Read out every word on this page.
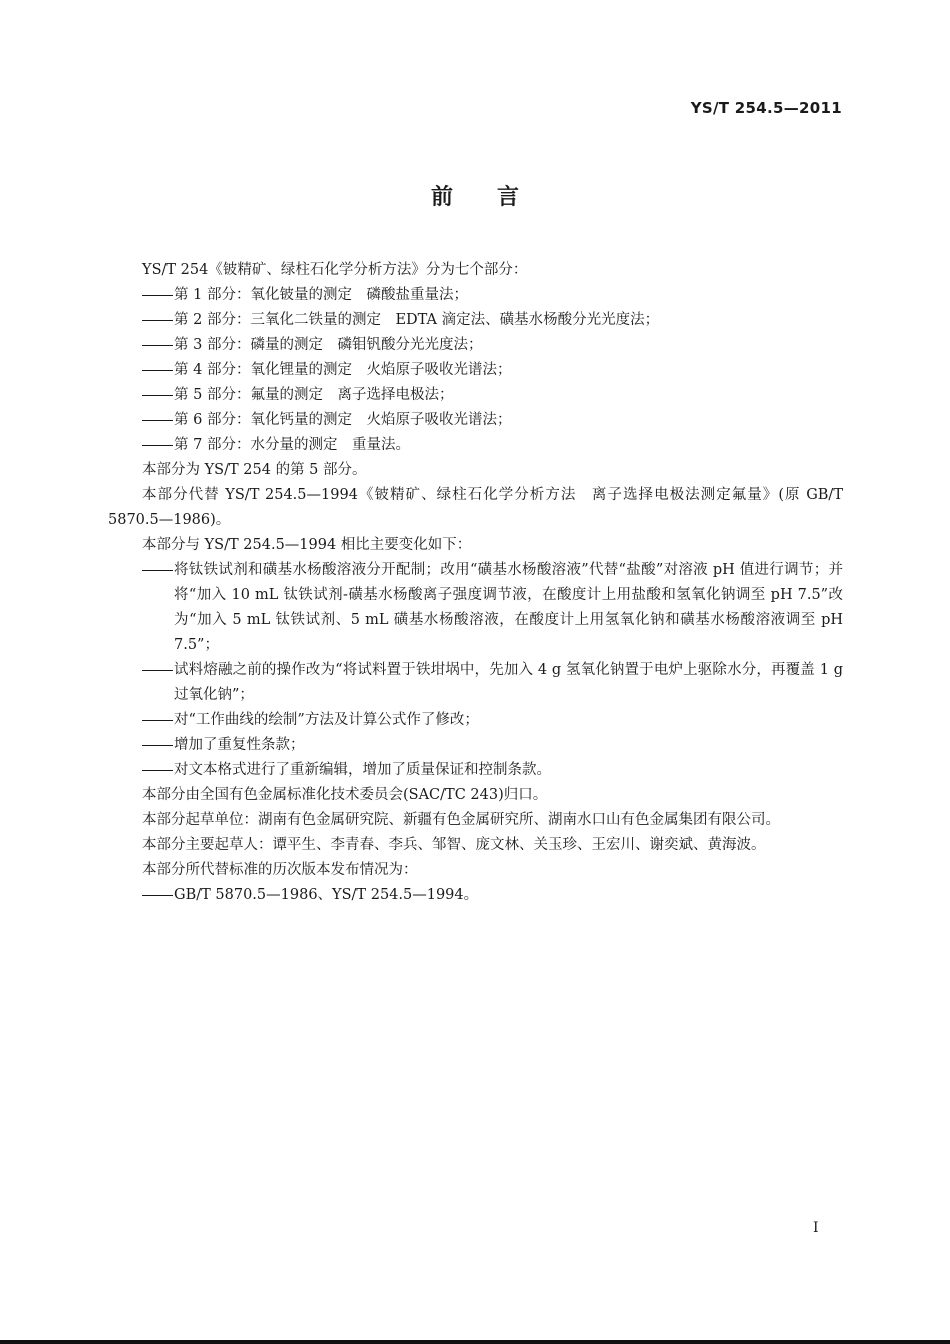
YS/T 254.5—2011
前言
YS/T 254《铍精矿、绿柱石化学分析方法》分为七个部分：
第 1 部分：氧化铍量的测定　磷酸盐重量法；
第 2 部分：三氧化二铁量的测定　EDTA 滴定法、磺基水杨酸分光光度法；
第 3 部分：磷量的测定　磷钼钒酸分光光度法；
第 4 部分：氧化锂量的测定　火焰原子吸收光谱法；
第 5 部分：氟量的测定　离子选择电极法；
第 6 部分：氧化钙量的测定　火焰原子吸收光谱法；
第 7 部分：水分量的测定　重量法。
本部分为 YS/T 254 的第 5 部分。
本部分代替 YS/T 254.5—1994《铍精矿、绿柱石化学分析方法　离子选择电极法测定氟量》(原 GB/T 5870.5—1986)。
本部分与 YS/T 254.5—1994 相比主要变化如下：
将钛铁试剂和磺基水杨酸溶液分开配制；改用“磺基水杨酸溶液”代替“盐酸”对溶液 pH 值进行调节；并将“加入 10 mL 钛铁试剂-磺基水杨酸离子强度调节液，在酸度计上用盐酸和氢氧化钠调至 pH 7.5”改为“加入 5 mL 钛铁试剂、5 mL 磺基水杨酸溶液，在酸度计上用氢氧化钠和磺基水杨酸溶液调至 pH 7.5”；
试料熔融之前的操作改为“将试料置于铁坩埚中，先加入 4 g 氢氧化钠置于电炉上驱除水分，再覆盖 1 g 过氧化钠”；
对“工作曲线的绘制”方法及计算公式作了修改；
增加了重复性条款；
对文本格式进行了重新编辑，增加了质量保证和控制条款。
本部分由全国有色金属标准化技术委员会(SAC/TC 243)归口。
本部分起草单位：湖南有色金属研究院、新疆有色金属研究所、湖南水口山有色金属集团有限公司。
本部分主要起草人：谭平生、李青春、李兵、邹智、庞文林、关玉珍、王宏川、谢奕斌、黄海波。
本部分所代替标准的历次版本发布情况为：
GB/T 5870.5—1986、YS/T 254.5—1994。
I
